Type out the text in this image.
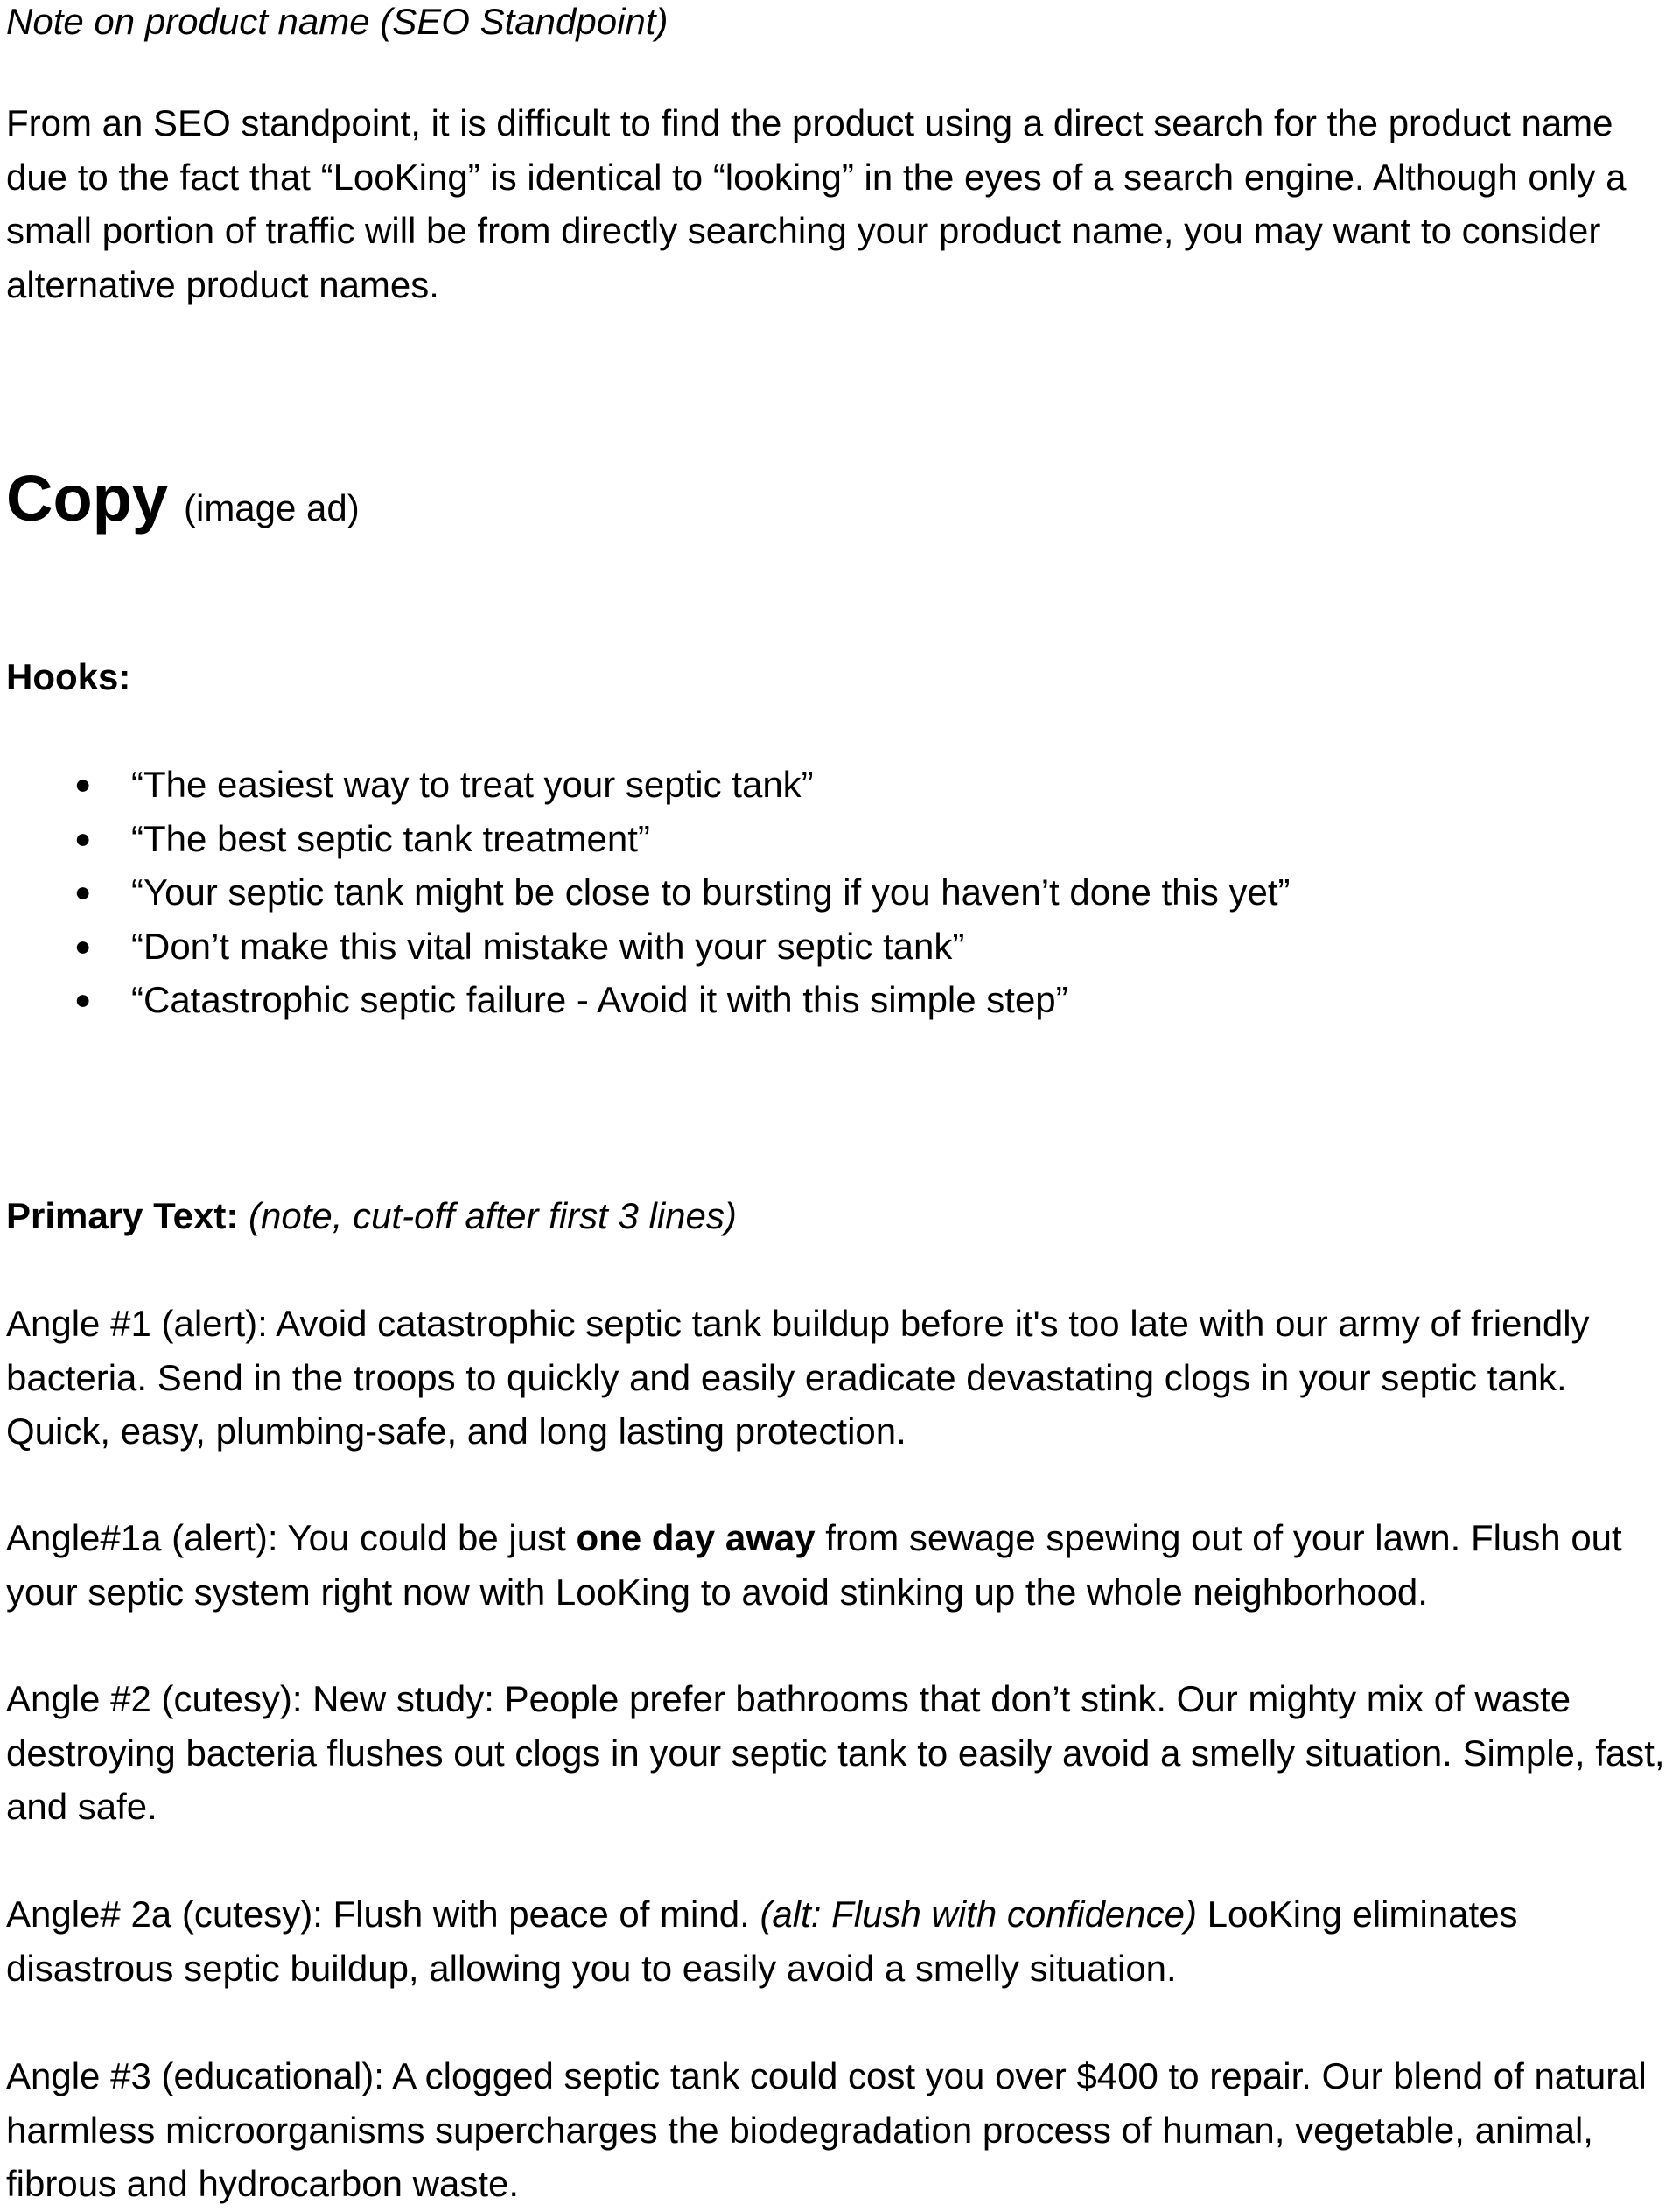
Note on product name (SEO Standpoint)

From an SEO standpoint, it is difficult to find the product using a direct search for the product name due to the fact that “LooKing” is identical to “looking” in the eyes of a search engine. Although only a small portion of traffic will be from directly searching your product name, you may want to consider alternative product names.

Copy (image ad)

Hooks:

● “The easiest way to treat your septic tank”
● “The best septic tank treatment”
● “Your septic tank might be close to bursting if you haven’t done this yet”
● “Don’t make this vital mistake with your septic tank”
● “Catastrophic septic failure - Avoid it with this simple step”

Primary Text: (note, cut-off after first 3 lines)

Angle #1 (alert): Avoid catastrophic septic tank buildup before it's too late with our army of friendly bacteria. Send in the troops to quickly and easily eradicate devastating clogs in your septic tank. Quick, easy, plumbing-safe, and long lasting protection.

Angle#1a (alert): You could be just one day away from sewage spewing out of your lawn. Flush out your septic system right now with LooKing to avoid stinking up the whole neighborhood.

Angle #2 (cutesy): New study: People prefer bathrooms that don’t stink. Our mighty mix of waste destroying bacteria flushes out clogs in your septic tank to easily avoid a smelly situation. Simple, fast, and safe.

Angle# 2a (cutesy): Flush with peace of mind. (alt: Flush with confidence) LooKing eliminates disastrous septic buildup, allowing you to easily avoid a smelly situation.

Angle #3 (educational): A clogged septic tank could cost you over $400 to repair. Our blend of natural harmless microorganisms supercharges the biodegradation process of human, vegetable, animal, fibrous and hydrocarbon waste.
